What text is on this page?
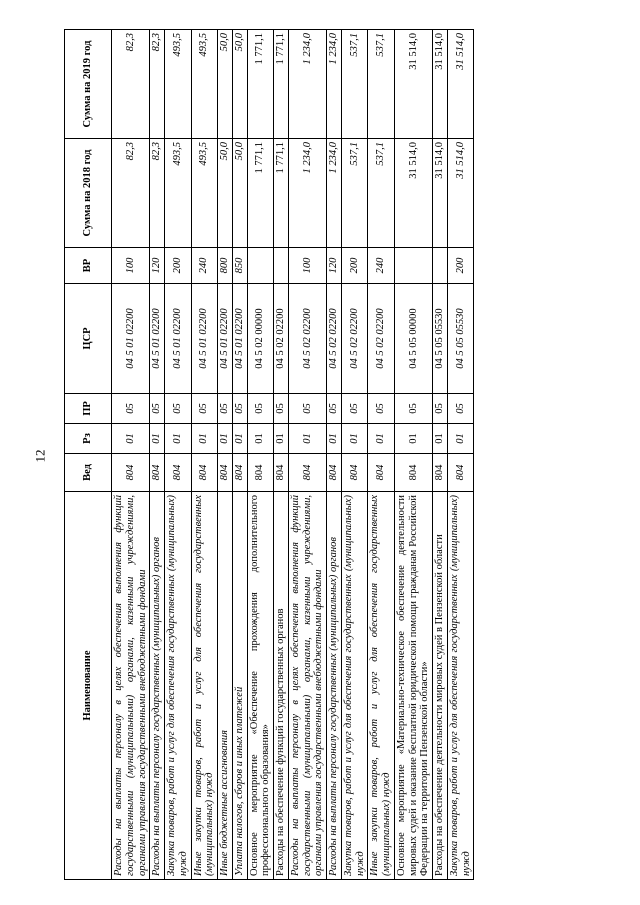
12
Наименование	Вед	Рз	ПР	ЦСР	ВР	Сумма на 2018 год	Сумма на 2019 год
Расходы на выплаты персоналу в целях обеспечения выполнения функций государственными (муниципальными) органами, казенными учреждениями, органами управления государственными внебюджетными фондами	804	01	05	04 5 01 02200	100	82,3	82,3
Расходы на выплаты персоналу государственных (муниципальных) органов	804	01	05	04 5 01 02200	120	82,3	82,3
Закупка товаров, работ и услуг для обеспечения государственных (муниципальных) нужд	804	01	05	04 5 01 02200	200	493,5	493,5
Иные закупки товаров, работ и услуг для обеспечения государственных (муниципальных) нужд	804	01	05	04 5 01 02200	240	493,5	493,5
Иные бюджетные ассигнования	804	01	05	04 5 01 02200	800	50,0	50,0
Уплата налогов, сборов и иных платежей	804	01	05	04 5 01 02200	850	50,0	50,0
Основное мероприятие «Обеспечение прохождения дополнительного профессионального образования»	804	01	05	04 5 02 00000		1 771,1	1 771,1
Расходы на обеспечение функций государственных органов	804	01	05	04 5 02 02200		1 771,1	1 771,1
Расходы на выплаты персоналу в целях обеспечения выполнения функций государственными (муниципальными) органами, казенными учреждениями, органами управления государственными внебюджетными фондами	804	01	05	04 5 02 02200	100	1 234,0	1 234,0
Расходы на выплаты персоналу государственных (муниципальных) органов	804	01	05	04 5 02 02200	120	1 234,0	1 234,0
Закупка товаров, работ и услуг для обеспечения государственных (муниципальных) нужд	804	01	05	04 5 02 02200	200	537,1	537,1
Иные закупки товаров, работ и услуг для обеспечения государственных (муниципальных) нужд	804	01	05	04 5 02 02200	240	537,1	537,1
Основное мероприятие «Материально-техническое обеспечение деятельности мировых судей и оказание бесплатной юридической помощи гражданам Российской Федерации на территории Пензенской области»	804	01	05	04 5 05 00000		31 514,0	31 514,0
Расходы на обеспечение деятельности мировых судей в Пензенской области	804	01	05	04 5 05 05530		31 514,0	31 514,0
Закупка товаров, работ и услуг для обеспечения государственных (муниципальных) нужд	804	01	05	04 5 05 05530	200	31 514,0	31 514,0
